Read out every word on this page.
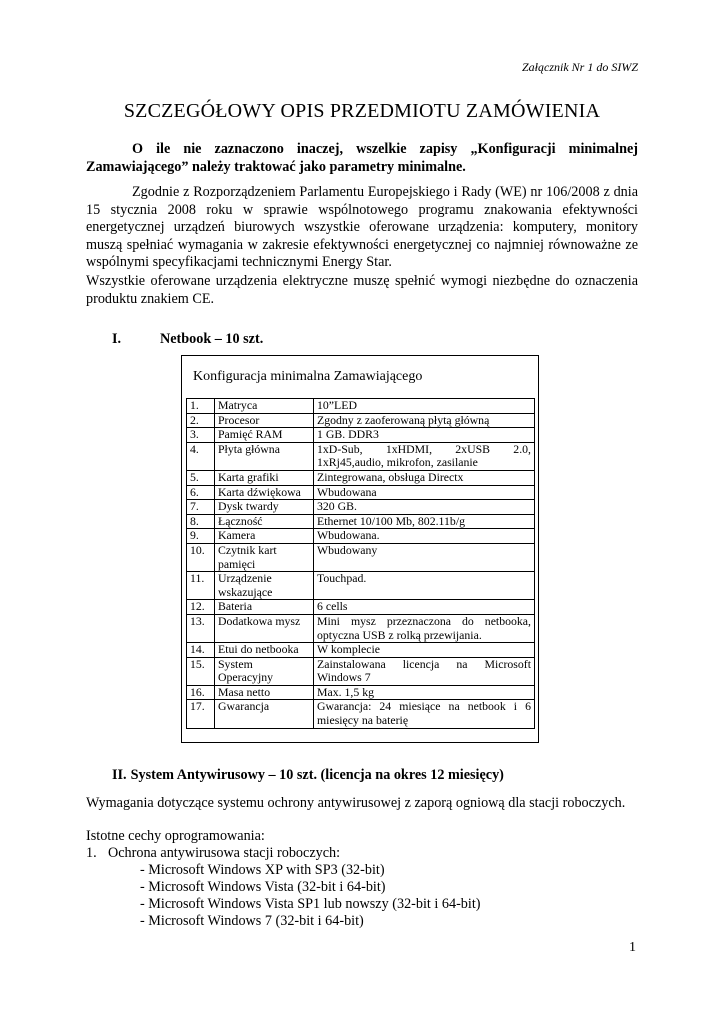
Załącznik Nr 1 do SIWZ
SZCZEGÓŁOWY OPIS PRZEDMIOTU ZAMÓWIENIA

O ile nie zaznaczono inaczej, wszelkie zapisy „Konfiguracji minimalnej Zamawiającego” należy traktować jako parametry minimalne.

Zgodnie z Rozporządzeniem Parlamentu Europejskiego i Rady (WE) nr 106/2008 z dnia 15 stycznia 2008 roku w sprawie wspólnotowego programu znakowania efektywności energetycznej urządzeń biurowych wszystkie oferowane urządzenia: komputery, monitory muszą spełniać wymagania w zakresie efektywności energetycznej co najmniej równoważne ze wspólnymi specyfikacjami technicznymi Energy Star.

Wszystkie oferowane urządzenia elektryczne muszę spełnić wymogi niezbędne do oznaczenia produktu znakiem CE.

I.	Netbook – 10 szt.
Konfiguracja minimalna Zamawiającego
1.	Matryca	10”LED
2.	Procesor	Zgodny z zaoferowaną płytą główną
3.	Pamięć RAM	1 GB. DDR3
4.	Płyta główna	1xD-Sub, 1xHDMI, 2xUSB 2.0, 1xRj45,audio, mikrofon, zasilanie
5.	Karta grafiki	Zintegrowana, obsługa Directx
6.	Karta dźwiękowa	Wbudowana
7.	Dysk twardy	320 GB.
8.	Łączność	Ethernet 10/100 Mb, 802.11b/g
9.	Kamera	Wbudowana.
10.	Czytnik kart pamięci	Wbudowany
11.	Urządzenie wskazujące	Touchpad.
12.	Bateria	6 cells
13.	Dodatkowa mysz	Mini mysz przeznaczona do netbooka, optyczna USB z rolką przewijania.
14.	Etui do netbooka	W komplecie
15.	System Operacyjny	Zainstalowana licencja na Microsoft Windows 7
16.	Masa netto	Max. 1,5 kg
17.	Gwarancja	Gwarancja: 24 miesiące na netbook i 6 miesięcy na baterię
II. System Antywirusowy – 10 szt. (licencja na okres 12 miesięcy)

Wymagania dotyczące systemu ochrony antywirusowej z zaporą ogniową dla stacji roboczych.

Istotne cechy oprogramowania:

1. Ochrona antywirusowa stacji roboczych:

- Microsoft Windows XP with SP3 (32-bit)
- Microsoft Windows Vista (32-bit i 64-bit)
- Microsoft Windows Vista SP1 lub nowszy (32-bit i 64-bit)
- Microsoft Windows 7 (32-bit i 64-bit)
1
